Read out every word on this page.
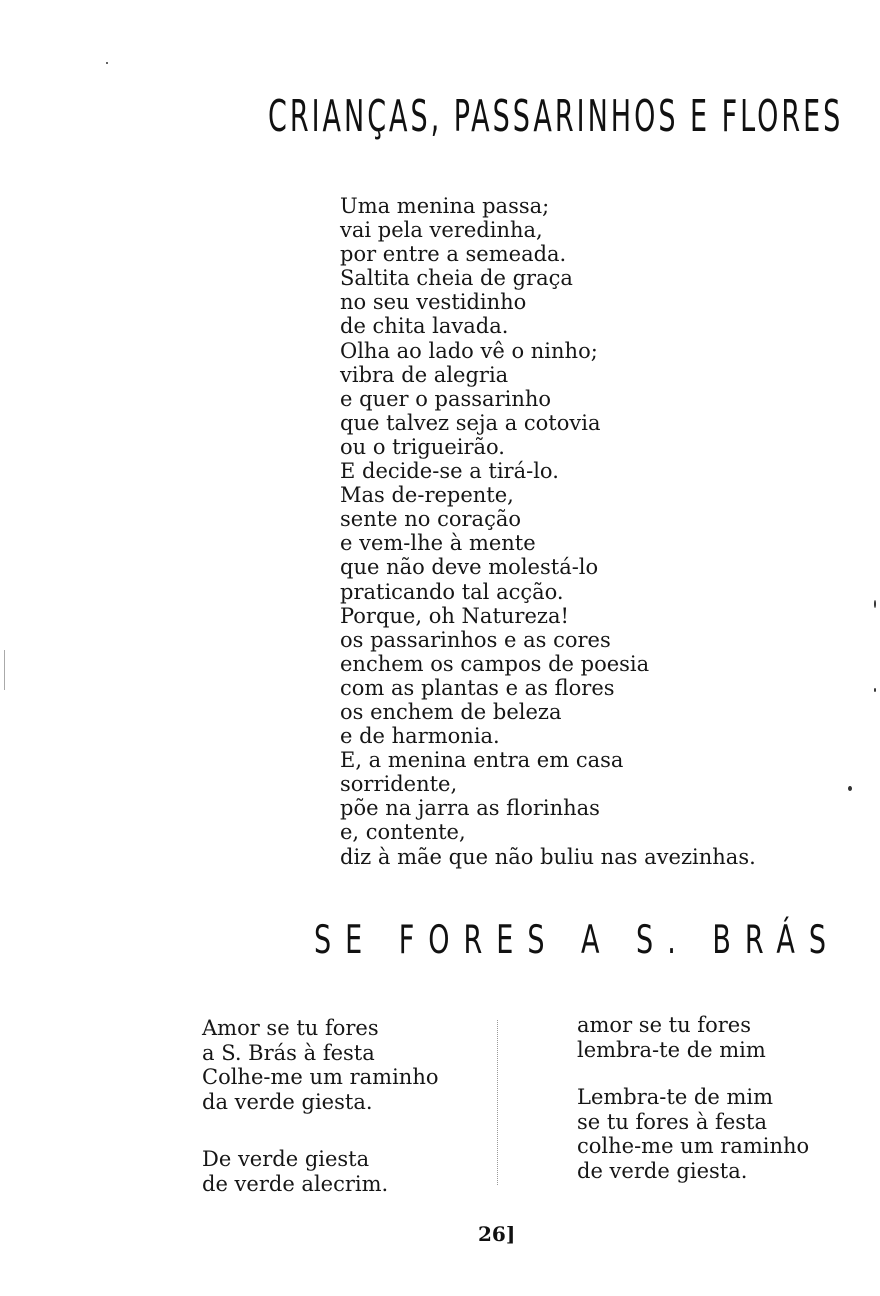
CRIANÇAS, PASSARINHOS E FLORES
Uma menina passa;
vai pela veredinha,
por entre a semeada.
Saltita cheia de graça
no seu vestidinho
de chita lavada.
Olha ao lado vê o ninho;
vibra de alegria
e quer o passarinho
que talvez seja a cotovia
ou o trigueirão.
E decide-se a tirá-lo.
Mas de-repente,
sente no coração
e vem-lhe à mente
que não deve molestá-lo
praticando tal acção.
Porque, oh Natureza!
os passarinhos e as cores
enchem os campos de poesia
com as plantas e as flores
os enchem de beleza
e de harmonia.
E, a menina entra em casa
sorridente,
põe na jarra as florinhas
e, contente,
diz à mãe que não buliu nas avezinhas.
SE FORES A S. BRÁS
Amor se tu fores
a S. Brás à festa
Colhe-me um raminho
da verde giesta.
De verde giesta
de verde alecrim.
amor se tu fores
lembra-te de mim
Lembra-te de mim
se tu fores à festa
colhe-me um raminho
de verde giesta.
26]
